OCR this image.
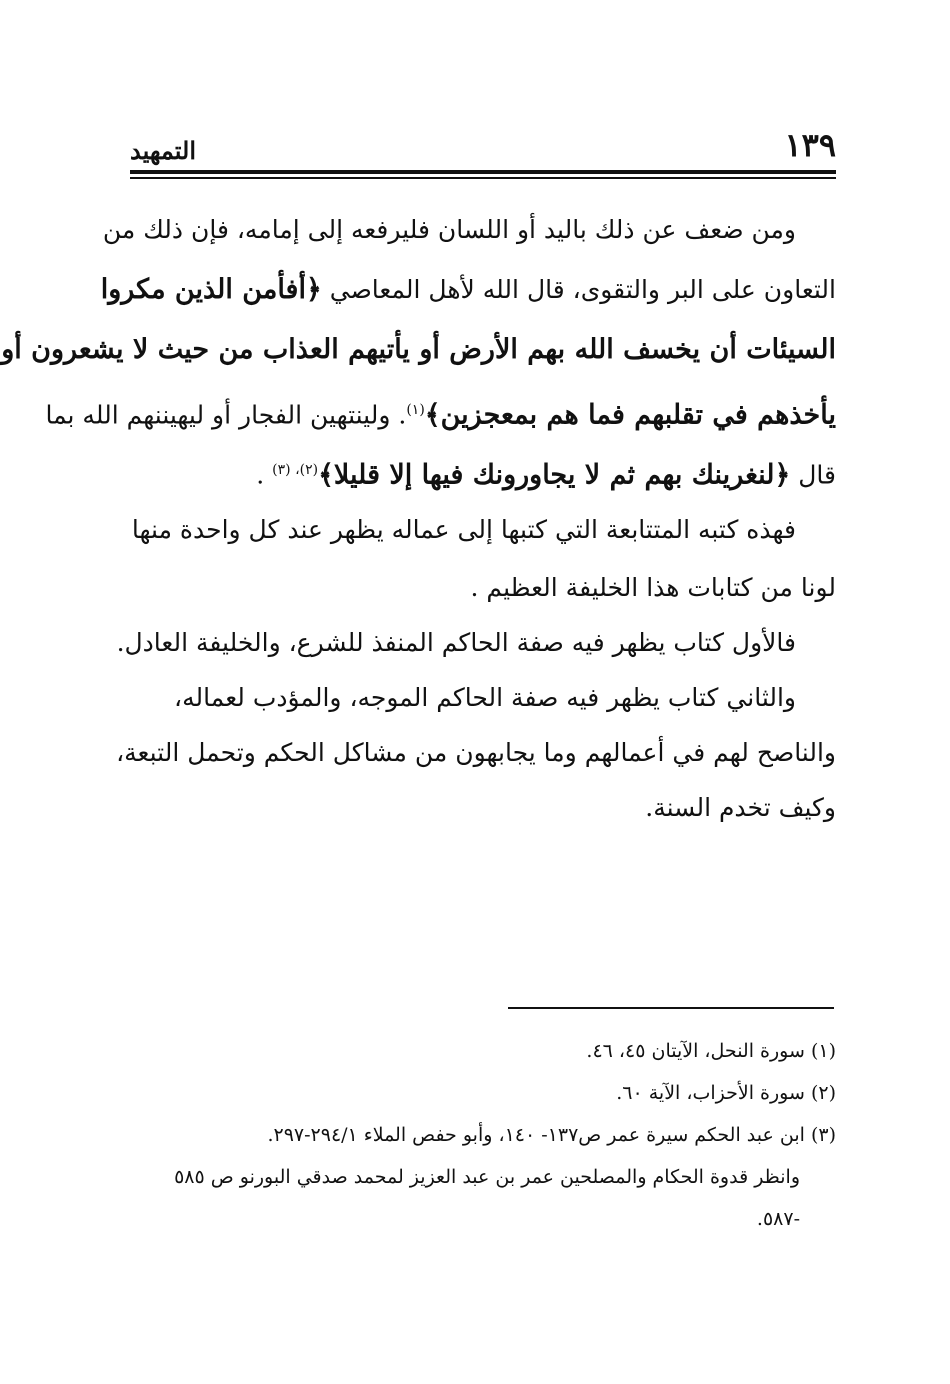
١٣٩
التمهيد
ومن ضعف عن ذلك باليد أو اللسان فليرفعه إلى إمامه، فإن ذلك من
التعاون على البر والتقوى، قال الله لأهل المعاصي ﴿أفأمن الذين مكروا
السيئات أن يخسف الله بهم الأرض أو يأتيهم العذاب من حيث لا يشعرون أو
يأخذهم في تقلبهم فما هم بمعجزين﴾$^{(١)}$. ولينتهين الفجار أو ليهيننهم الله بما
قال ﴿لنغرينك بهم ثم لا يجاورونك فيها إلا قليلا﴾$^{(٢)، (٣)}$ .
فهذه كتبه المتتابعة التي كتبها إلى عماله يظهر عند كل واحدة منها
لونا من كتابات هذا الخليفة العظيم .
فالأول كتاب يظهر فيه صفة الحاكم المنفذ للشرع، والخليفة العادل.
والثاني كتاب يظهر فيه صفة الحاكم الموجه، والمؤدب لعماله،
والناصح لهم في أعمالهم وما يجابهون من مشاكل الحكم وتحمل التبعة،
وكيف تخدم السنة.
(١) سورة النحل، الآيتان ٤٥، ٤٦.
(٢) سورة الأحزاب، الآية ٦٠.
(٣) ابن عبد الحكم سيرة عمر ص١٣٧- ١٤٠، وأبو حفص الملاء ٢٩٤/١-٢٩٧.
وانظر قدوة الحكام والمصلحين عمر بن عبد العزيز لمحمد صدقي البورنو ص ٥٨٥
-٥٨٧.
